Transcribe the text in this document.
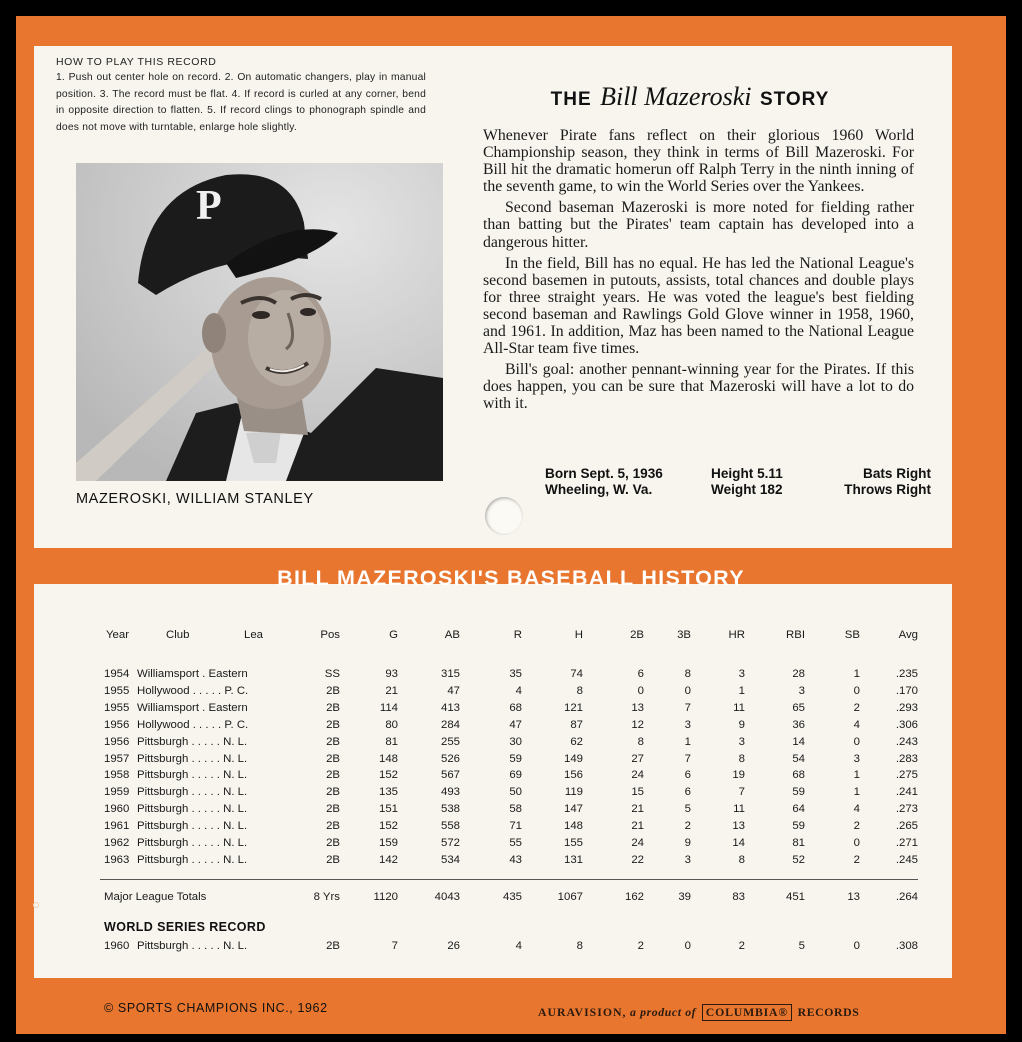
HOW TO PLAY THIS RECORD
1. Push out center hole on record. 2. On automatic changers, play in manual position. 3. The record must be flat. 4. If record is curled at any corner, bend in opposite direction to flatten. 5. If record clings to phonograph spindle and does not move with turntable, enlarge hole slightly.
P
MAZEROSKI, WILLIAM STANLEY
THE Bill Mazeroski STORY

Whenever Pirate fans reflect on their glorious 1960 World Championship season, they think in terms of Bill Mazeroski. For Bill hit the dramatic homerun off Ralph Terry in the ninth inning of the seventh game, to win the World Series over the Yankees.

Second baseman Mazeroski is more noted for fielding rather than batting but the Pirates' team captain has developed into a dangerous hitter.

In the field, Bill has no equal. He has led the National League's second basemen in putouts, assists, total chances and double plays for three straight years. He was voted the league's best fielding second baseman and Rawlings Gold Glove winner in 1958, 1960, and 1961. In addition, Maz has been named to the National League All-Star team five times.

Bill's goal: another pennant-winning year for the Pirates. If this does happen, you can be sure that Mazeroski will have a lot to do with it.

Born Sept. 5, 1936
Wheeling, W. Va.
Height 5.11
Weight 182
Bats Right
Throws Right
BILL MAZEROSKI'S BASEBALL HISTORY
Year	Club	Lea	Pos	G	AB	R	H	2B	3B	HR	RBI	SB	Avg
1954 Williamsport . Eastern	SS	93	315	35	74	6	8	3	28	1	.235
1955 Hollywood . . . . . P. C.	2B	21	47	4	8	0	0	1	3	0	.170
1955 Williamsport . Eastern	2B	114	413	68	121	13	7	11	65	2	.293
1956 Hollywood . . . . . P. C.	2B	80	284	47	87	12	3	9	36	4	.306
1956 Pittsburgh . . . . . N. L.	2B	81	255	30	62	8	1	3	14	0	.243
1957 Pittsburgh . . . . . N. L.	2B	148	526	59	149	27	7	8	54	3	.283
1958 Pittsburgh . . . . . N. L.	2B	152	567	69	156	24	6	19	68	1	.275
1959 Pittsburgh . . . . . N. L.	2B	135	493	50	119	15	6	7	59	1	.241
1960 Pittsburgh . . . . . N. L.	2B	151	538	58	147	21	5	11	64	4	.273
1961 Pittsburgh . . . . . N. L.	2B	152	558	71	148	21	2	13	59	2	.265
1962 Pittsburgh . . . . . N. L.	2B	159	572	55	155	24	9	14	81	0	.271
1963 Pittsburgh . . . . . N. L.	2B	142	534	43	131	22	3	8	52	2	.245
Major League Totals	8 Yrs	1120	4043	435	1067	162	39	83	451	13	.264
WORLD SERIES RECORD
1960 Pittsburgh . . . . . N. L.	2B	7	26	4	8	2	0	2	5	0	.308
© SPORTS CHAMPIONS INC., 1962	AURAVISION, a product of COLUMBIA® RECORDS
